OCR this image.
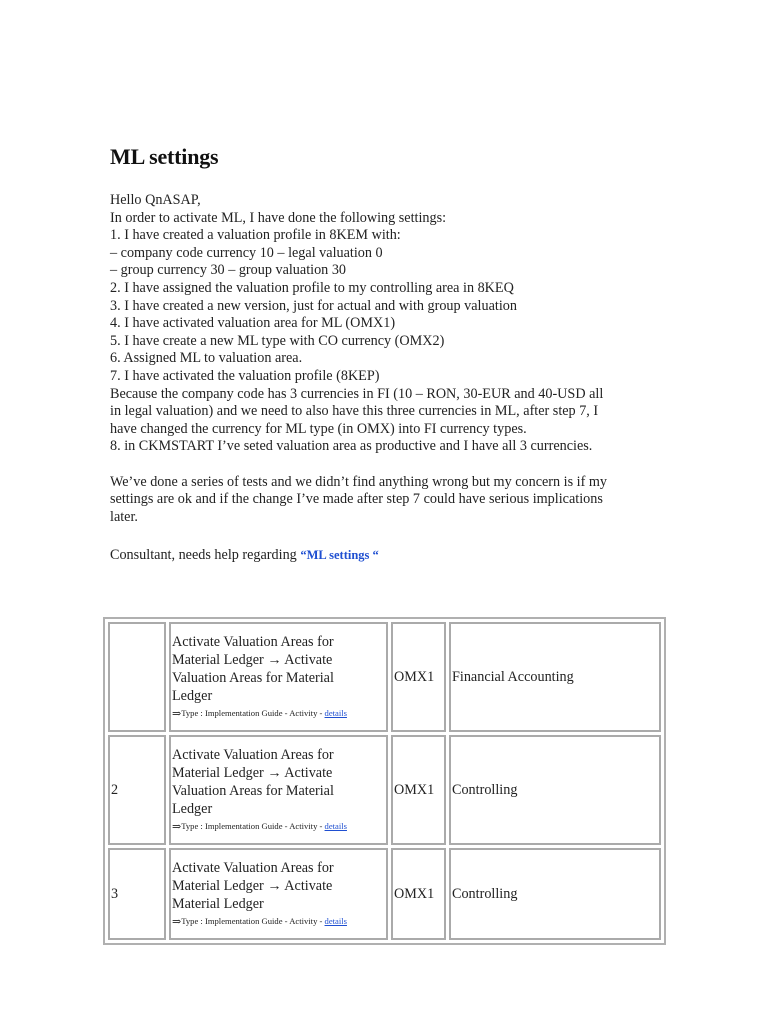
ML settings
Hello QnASAP,
In order to activate ML, I have done the following settings:
1. I have created a valuation profile in 8KEM with:
– company code currency 10 – legal valuation 0
– group currency 30 – group valuation 30
2. I have assigned the valuation profile to my controlling area in 8KEQ
3. I have created a new version, just for actual and with group valuation
4. I have activated valuation area for ML (OMX1)
5. I have create a new ML type with CO currency (OMX2)
6. Assigned ML to valuation area.
7. I have activated the valuation profile (8KEP)
Because the company code has 3 currencies in FI (10 – RON, 30-EUR and 40-USD all
in legal valuation) and we need to also have this three currencies in ML, after step 7, I
have changed the currency for ML type (in OMX) into FI currency types.
8. in CKMSTART I’ve seted valuation area as productive and I have all 3 currencies.
We’ve done a series of tests and we didn’t find anything wrong but my concern is if my
settings are ok and if the change I’ve made after step 7 could have serious implications
later.
Consultant, needs help regarding “ML settings “

	Activate Valuation Areas for
Material Ledger → Activate
Valuation Areas for Material
Ledger
⇒Type : Implementation Guide - Activity - details	OMX1	Financial Accounting
2	Activate Valuation Areas for
Material Ledger → Activate
Valuation Areas for Material
Ledger
⇒Type : Implementation Guide - Activity - details	OMX1	Controlling
3	Activate Valuation Areas for
Material Ledger → Activate
Material Ledger
⇒Type : Implementation Guide - Activity - details	OMX1	Controlling
